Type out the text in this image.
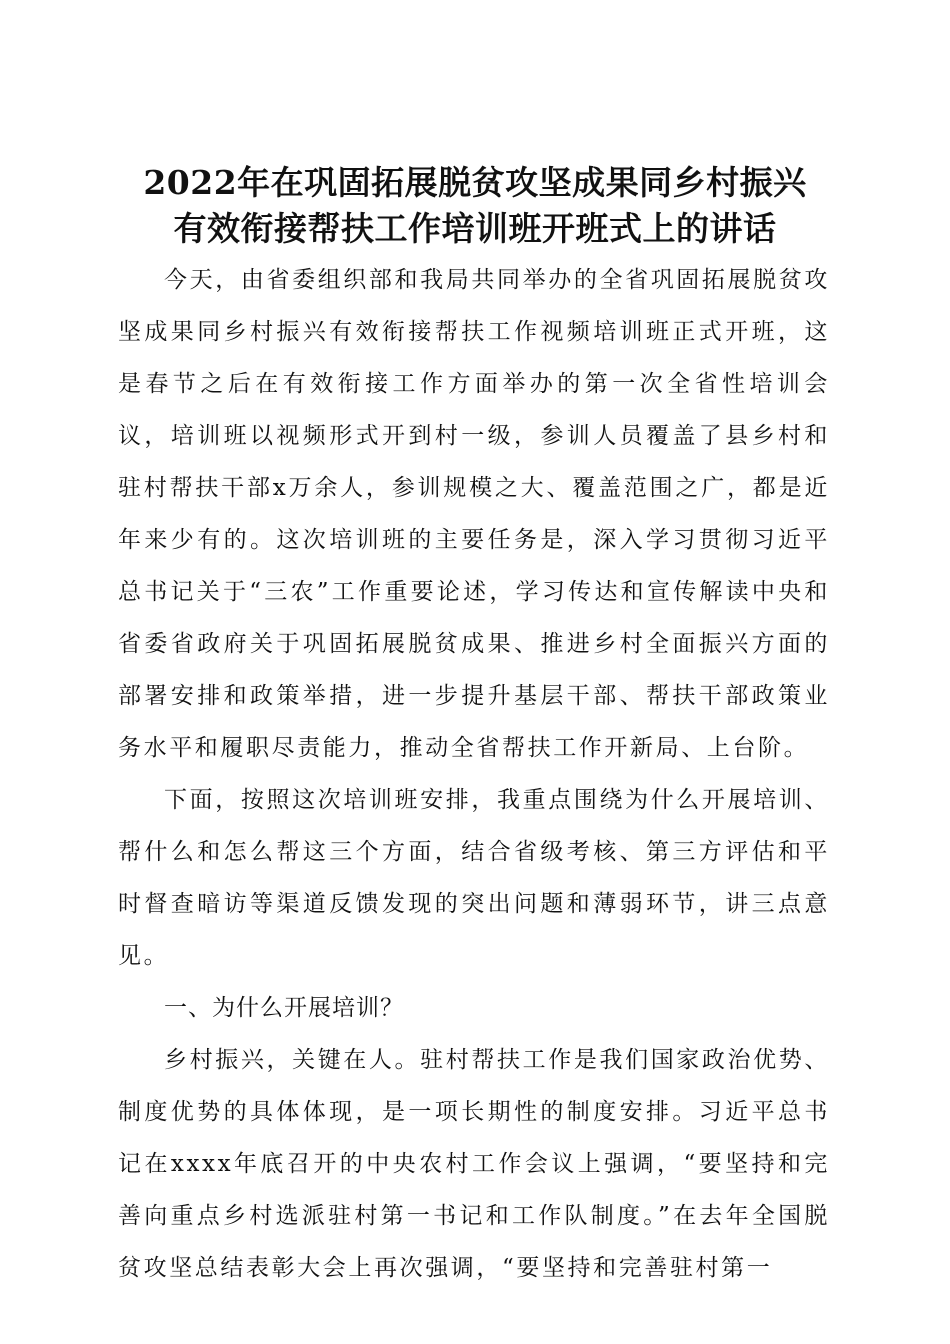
2022年在巩固拓展脱贫攻坚成果同乡村振兴
有效衔接帮扶工作培训班开班式上的讲话

今天，由省委组织部和我局共同举办的全省巩固拓展脱贫攻坚成果同乡村振兴有效衔接帮扶工作视频培训班正式开班，这是春节之后在有效衔接工作方面举办的第一次全省性培训会议，培训班以视频形式开到村一级，参训人员覆盖了县乡村和驻村帮扶干部x万余人，参训规模之大、覆盖范围之广，都是近年来少有的。这次培训班的主要任务是，深入学习贯彻习近平总书记关于“三农”工作重要论述，学习传达和宣传解读中央和省委省政府关于巩固拓展脱贫成果、推进乡村全面振兴方面的部署安排和政策举措，进一步提升基层干部、帮扶干部政策业务水平和履职尽责能力，推动全省帮扶工作开新局、上台阶。

下面，按照这次培训班安排，我重点围绕为什么开展培训、帮什么和怎么帮这三个方面，结合省级考核、第三方评估和平时督查暗访等渠道反馈发现的突出问题和薄弱环节，讲三点意见。

一、为什么开展培训？

乡村振兴，关键在人。驻村帮扶工作是我们国家政治优势、制度优势的具体体现，是一项长期性的制度安排。习近平总书记在xxxx年底召开的中央农村工作会议上强调，“要坚持和完善向重点乡村选派驻村第一书记和工作队制度。”在去年全国脱贫攻坚总结表彰大会上再次强调，“要坚持和完善驻村第一
